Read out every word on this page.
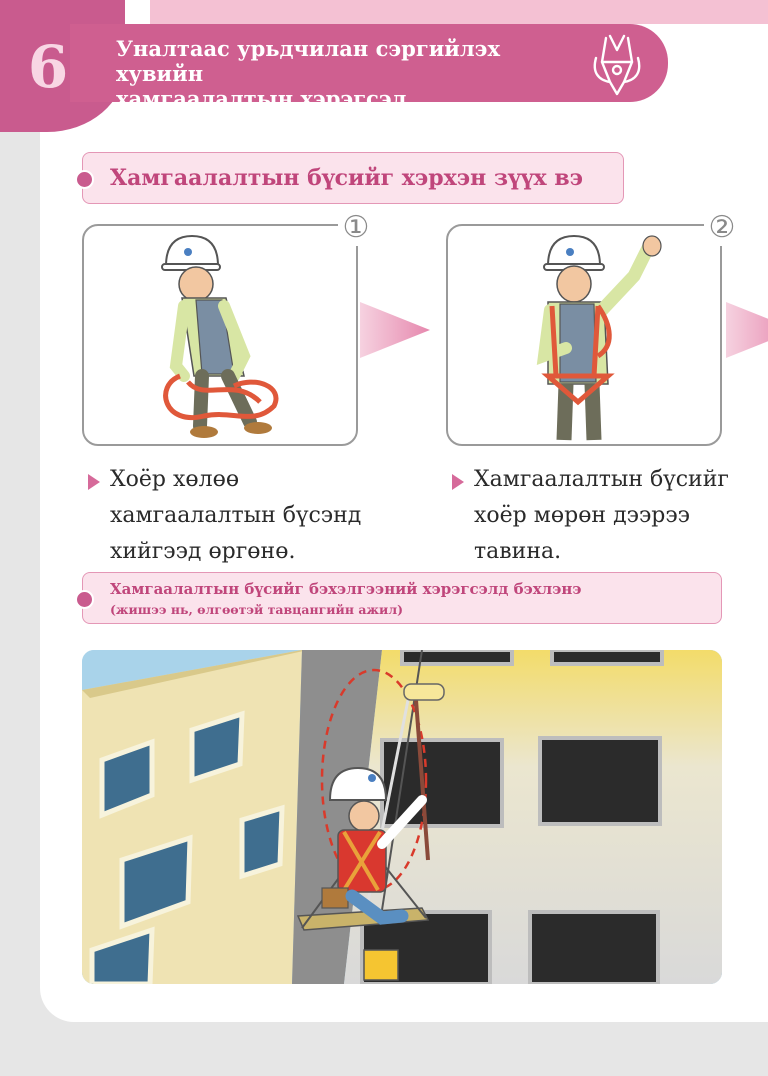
6	Уналтаас урьдчилан сэргийлэх хувийн
хамгаалалтын хэрэгсэл
Хамгаалалтын бүсийг хэрхэн зүүх вэ
①	②
Хоёр хөлөө
хамгаалалтын бүсэнд
хийгээд өргөнө.
Хамгаалалтын бүсийг
хоёр мөрөн дээрээ
тавина.
Хамгаалалтын бүсийг бэхэлгээний хэрэгсэлд бэхлэнэ
(жишээ нь, өлгөөтэй тавцангийн ажил)
